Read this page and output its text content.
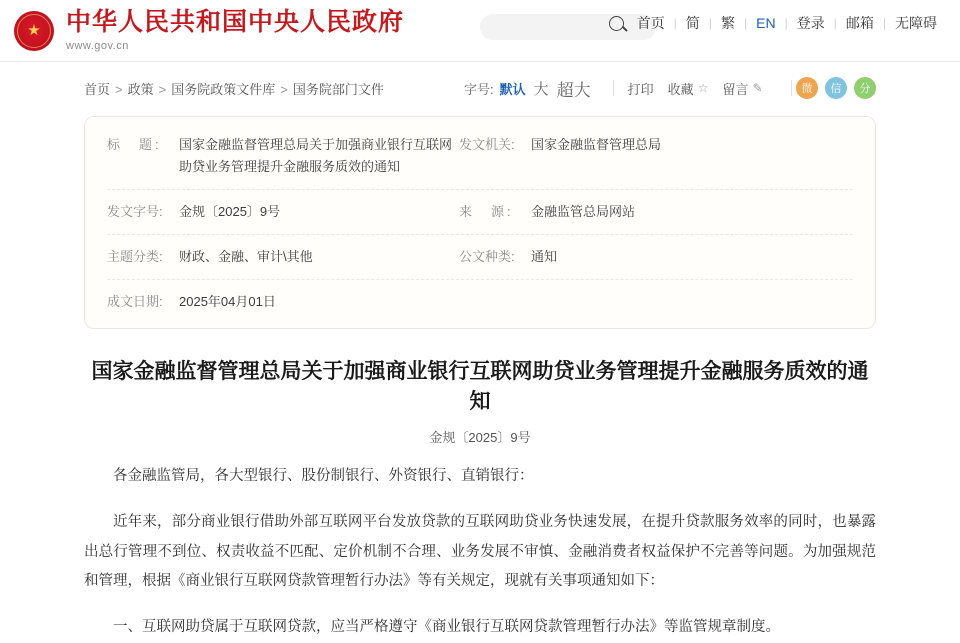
★ 中华人民共和国中央人民政府
www.gov.cn
首页 | 简 | 繁 | EN | 登录 | 邮箱 | 无障碍
首页 > 政策 > 国务院政策文件库 > 国务院部门文件	字号: 默认 大 超大	打印 收藏 ☆ 留言 ✎	微	信	分
标　题:	国家金融监督管理总局关于加强商业银行互联网助贷业务管理提升金融服务质效的通知
发文机关:	国家金融监督管理总局
发文字号:	金规〔2025〕9号	来　源:	金融监管总局网站
主题分类:	财政、金融、审计\其他	公文种类:	通知
成文日期:	2025年04月01日
国家金融监督管理总局关于加强商业银行互联网助贷业务管理提升金融服务质效的通知
金规〔2025〕9号
各金融监管局，各大型银行、股份制银行、外资银行、直销银行：
近年来，部分商业银行借助外部互联网平台发放贷款的互联网助贷业务快速发展，在提升贷款服务效率的同时，也暴露出总行管理不到位、权责收益不匹配、定价机制不合理、业务发展不审慎、金融消费者权益保护不完善等问题。为加强规范和管理，根据《商业银行互联网贷款管理暂行办法》等有关规定，现就有关事项通知如下：
一、互联网助贷属于互联网贷款，应当严格遵守《商业银行互联网贷款管理暂行办法》等监管规章制度。
